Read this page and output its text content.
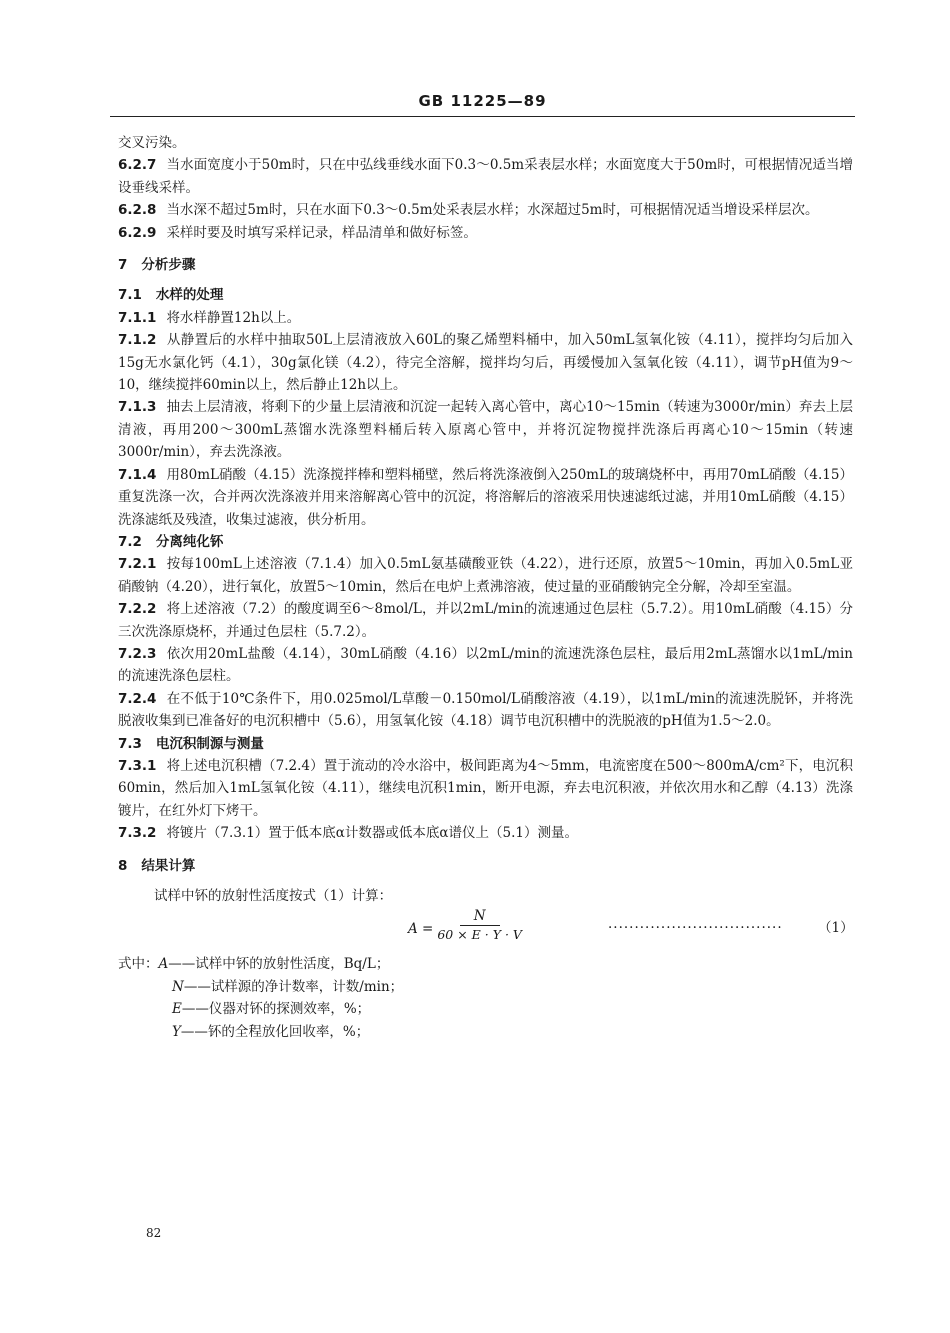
GB 11225—89

交叉污染。

6.2.7 当水面宽度小于50m时，只在中弘线垂线水面下0.3～0.5m采表层水样；水面宽度大于50m时，可根据情况适当增设垂线采样。

6.2.8 当水深不超过5m时，只在水面下0.3～0.5m处采表层水样；水深超过5m时，可根据情况适当增设采样层次。

6.2.9 采样时要及时填写采样记录，样品清单和做好标签。

7 分析步骤

7.1 水样的处理

7.1.1 将水样静置12h以上。

7.1.2 从静置后的水样中抽取50L上层清液放入60L的聚乙烯塑料桶中，加入50mL氢氧化铵（4.11），搅拌均匀后加入15g无水氯化钙（4.1），30g氯化镁（4.2），待完全溶解，搅拌均匀后，再缓慢加入氢氧化铵（4.11），调节pH值为9～10，继续搅拌60min以上，然后静止12h以上。

7.1.3 抽去上层清液，将剩下的少量上层清液和沉淀一起转入离心管中，离心10～15min（转速为3000r/min）弃去上层清液，再用200～300mL蒸馏水洗涤塑料桶后转入原离心管中，并将沉淀物搅拌洗涤后再离心10～15min（转速3000r/min），弃去洗涤液。

7.1.4 用80mL硝酸（4.15）洗涤搅拌棒和塑料桶壁，然后将洗涤液倒入250mL的玻璃烧杯中，再用70mL硝酸（4.15）重复洗涤一次，合并两次洗涤液并用来溶解离心管中的沉淀，将溶解后的溶液采用快速滤纸过滤，并用10mL硝酸（4.15）洗涤滤纸及残渣，收集过滤液，供分析用。

7.2 分离纯化钚

7.2.1 按每100mL上述溶液（7.1.4）加入0.5mL氨基磺酸亚铁（4.22），进行还原，放置5～10min，再加入0.5mL亚硝酸钠（4.20），进行氧化，放置5～10min，然后在电炉上煮沸溶液，使过量的亚硝酸钠完全分解，冷却至室温。

7.2.2 将上述溶液（7.2）的酸度调至6～8mol/L，并以2mL/min的流速通过色层柱（5.7.2）。用10mL硝酸（4.15）分三次洗涤原烧杯，并通过色层柱（5.7.2）。

7.2.3 依次用20mL盐酸（4.14），30mL硝酸（4.16）以2mL/min的流速洗涤色层柱，最后用2mL蒸馏水以1mL/min的流速洗涤色层柱。

7.2.4 在不低于10℃条件下，用0.025mol/L草酸－0.150mol/L硝酸溶液（4.19），以1mL/min的流速洗脱钚，并将洗脱液收集到已准备好的电沉积槽中（5.6），用氢氧化铵（4.18）调节电沉积槽中的洗脱液的pH值为1.5～2.0。

7.3 电沉积制源与测量

7.3.1 将上述电沉积槽（7.2.4）置于流动的冷水浴中，极间距离为4～5mm，电流密度在500～800mA/cm²下，电沉积60min，然后加入1mL氢氧化铵（4.11），继续电沉积1min，断开电源，弃去电沉积液，并依次用水和乙醇（4.13）洗涤镀片，在红外灯下烤干。

7.3.2 将镀片（7.3.1）置于低本底α计数器或低本底α谱仪上（5.1）测量。

8 结果计算

试样中钚的放射性活度按式（1）计算：

$A = \frac{N}{60 \times E \cdot Y \cdot V}$	·································	（1）

式中：A——试样中钚的放射性活度，Bq/L；

N——试样源的净计数率，计数/min；

E——仪器对钚的探测效率，%；

Y——钚的全程放化回收率，%；

82
